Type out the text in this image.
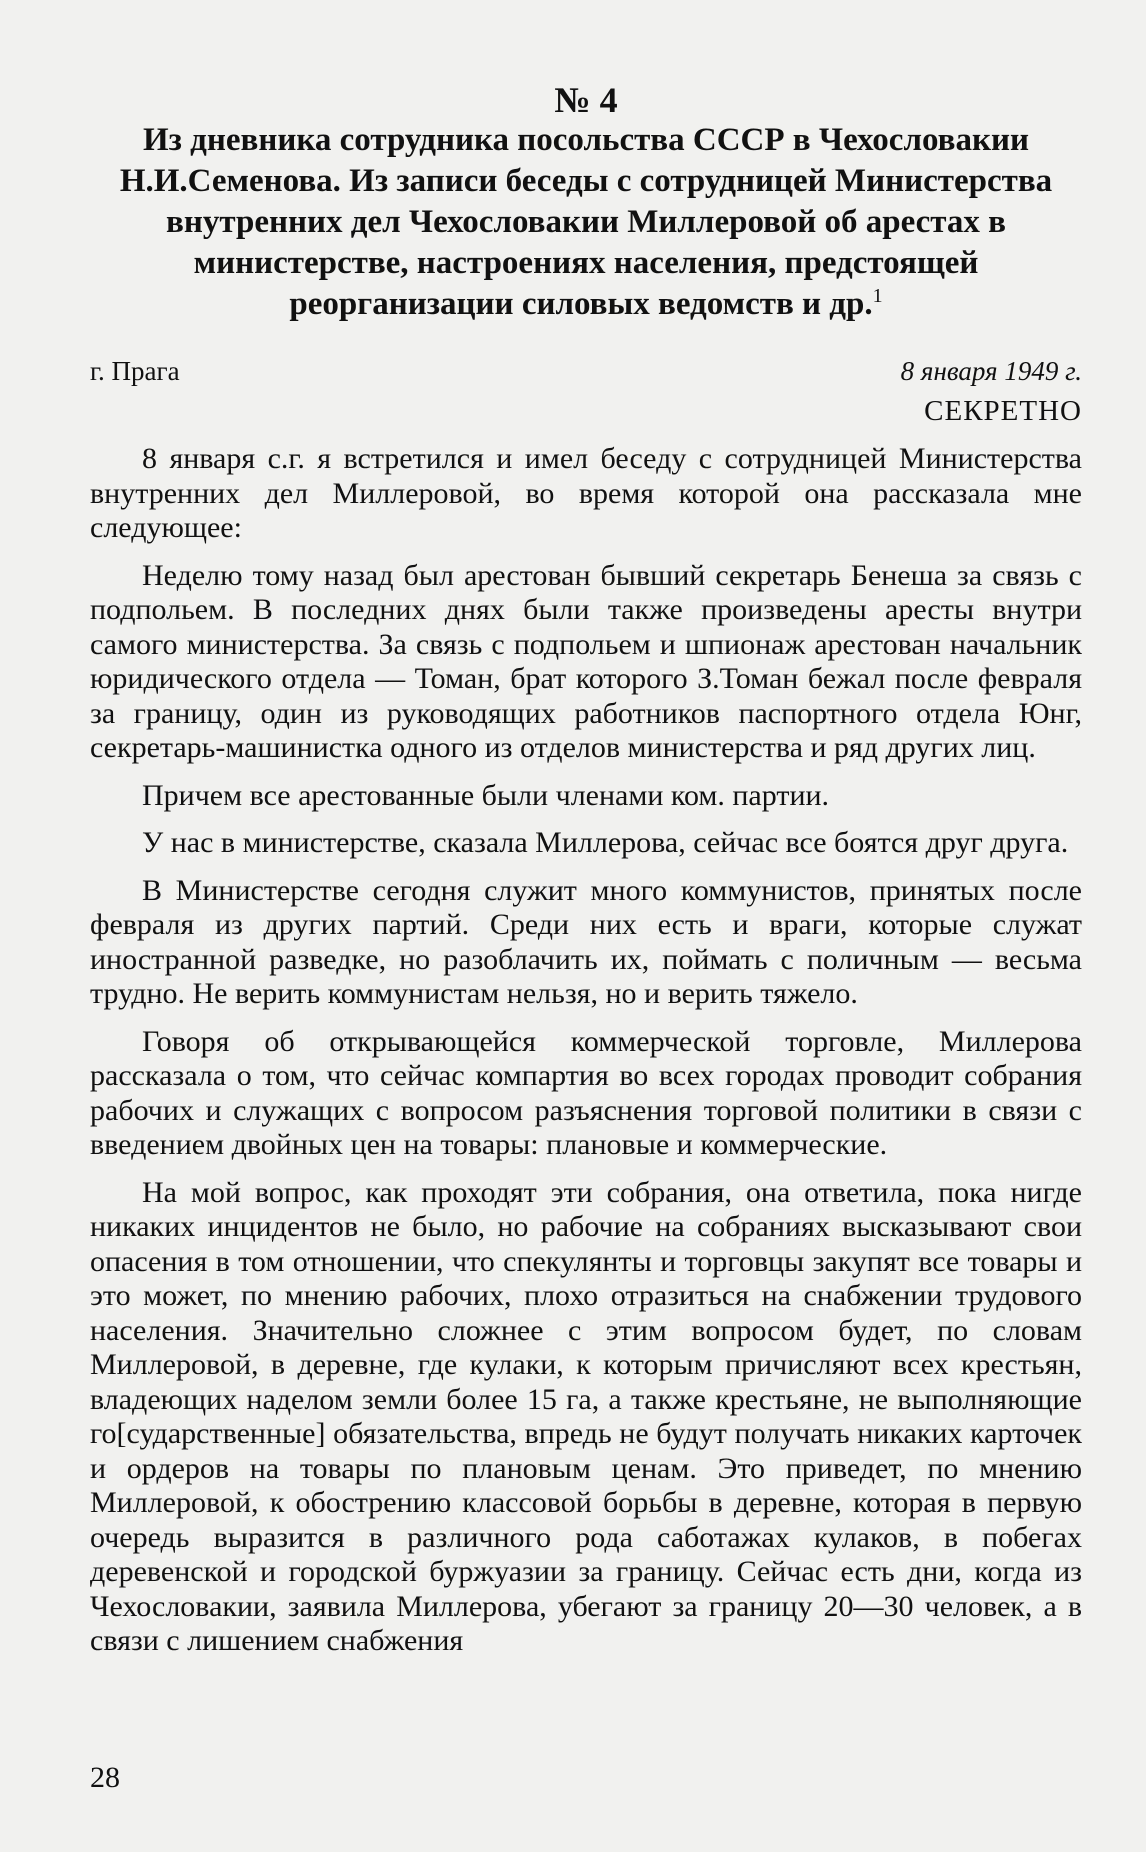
№ 4
Из дневника сотрудника посольства СССР в Чехословакии Н.И.Семенова. Из записи беседы с сотрудницей Министерства внутренних дел Чехословакии Миллеровой об арестах в министерстве, настроениях населения, предстоящей реорганизации силовых ведомств и др.$^1$
г. Прага	8 января 1949 г.
СЕКРЕТНО

8 января с.г. я встретился и имел беседу с сотрудницей Министерства внутренних дел Миллеровой, во время которой она рассказала мне следующее:

Неделю тому назад был арестован бывший секретарь Бенеша за связь с подпольем. В последних днях были также произведены аресты внутри самого министерства. За связь с подпольем и шпионаж арестован начальник юридического отдела — Томан, брат которого З.Томан бежал после февраля за границу, один из руководящих работников паспортного отдела Юнг, секретарь-машинистка одного из отделов министерства и ряд других лиц.

Причем все арестованные были членами ком. партии.

У нас в министерстве, сказала Миллерова, сейчас все боятся друг друга.

В Министерстве сегодня служит много коммунистов, принятых после февраля из других партий. Среди них есть и враги, которые служат иностранной разведке, но разоблачить их, поймать с поличным — весьма трудно. Не верить коммунистам нельзя, но и верить тяжело.

Говоря об открывающейся коммерческой торговле, Миллерова рассказала о том, что сейчас компартия во всех городах проводит собрания рабочих и служащих с вопросом разъяснения торговой политики в связи с введением двойных цен на товары: плановые и коммерческие.

На мой вопрос, как проходят эти собрания, она ответила, пока нигде никаких инцидентов не было, но рабочие на собраниях высказывают свои опасения в том отношении, что спекулянты и торговцы закупят все товары и это может, по мнению рабочих, плохо отразиться на снабжении трудового населения. Значительно сложнее с этим вопросом будет, по словам Миллеровой, в деревне, где кулаки, к которым причисляют всех крестьян, владеющих наделом земли более 15 га, а также крестьяне, не выполняющие го[сударственные] обязательства, впредь не будут получать никаких карточек и ордеров на товары по плановым ценам. Это приведет, по мнению Миллеровой, к обострению классовой борьбы в деревне, которая в первую очередь выразится в различного рода саботажах кулаков, в побегах деревенской и городской буржуазии за границу. Сейчас есть дни, когда из Чехословакии, заявила Миллерова, убегают за границу 20—30 человек, а в связи с лишением снабжения

28
